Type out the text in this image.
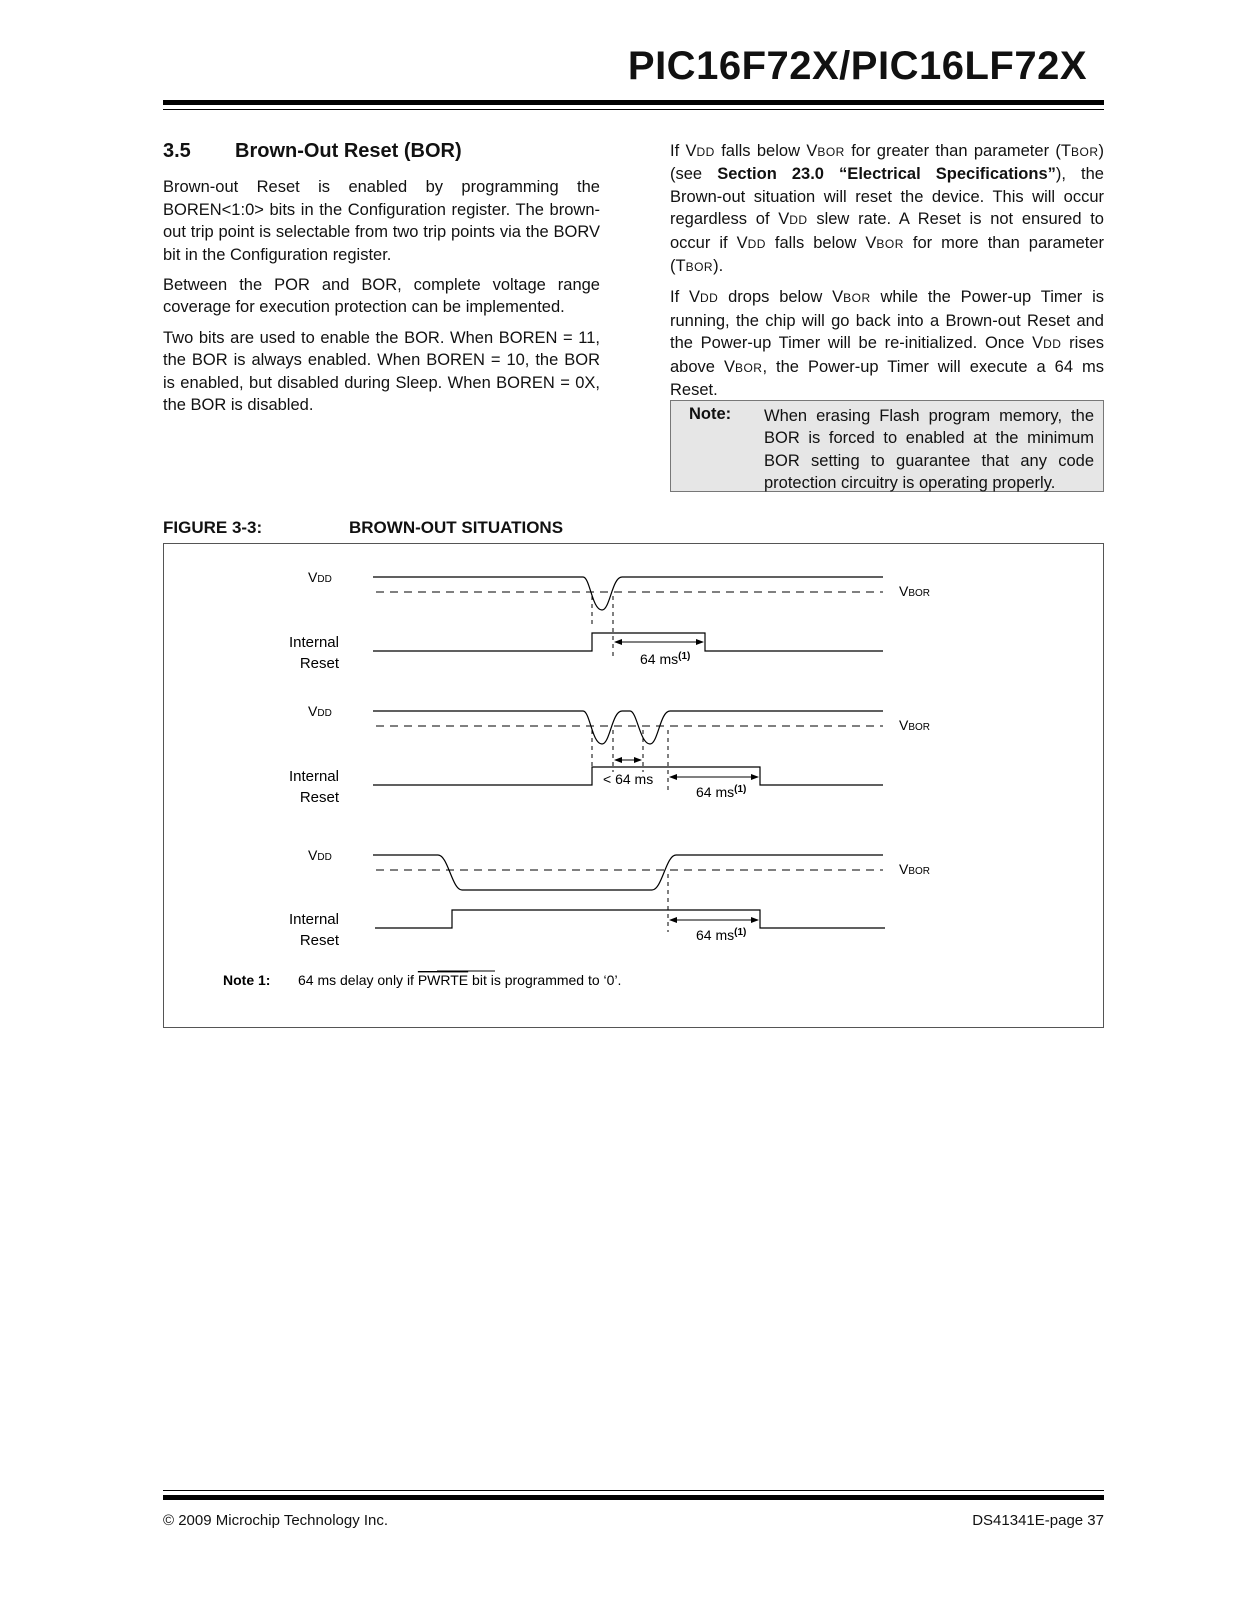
PIC16F72X/PIC16LF72X
3.5 Brown-Out Reset (BOR)

Brown-out Reset is enabled by programming the BOREN<1:0> bits in the Configuration register. The brown-out trip point is selectable from two trip points via the BORV bit in the Configuration register.

Between the POR and BOR, complete voltage range coverage for execution protection can be implemented.

Two bits are used to enable the BOR. When BOREN = 11, the BOR is always enabled. When BOREN = 10, the BOR is enabled, but disabled during Sleep. When BOREN = 0X, the BOR is disabled.

If VDD falls below VBOR for greater than parameter (TBOR) (see Section 23.0 “Electrical Specifications”), the Brown-out situation will reset the device. This will occur regardless of VDD slew rate. A Reset is not ensured to occur if VDD falls below VBOR for more than parameter (TBOR).

If VDD drops below VBOR while the Power-up Timer is running, the chip will go back into a Brown-out Reset and the Power-up Timer will be re-initialized. Once VDD rises above VBOR, the Power-up Timer will execute a 64 ms Reset.

Note: When erasing Flash program memory, the BOR is forced to enabled at the minimum BOR setting to guarantee that any code protection circuitry is operating properly.
FIGURE 3-3:	BROWN-OUT SITUATIONS
VDD
VBOR
Internal
Reset	64 $ms^{(1)}$
VDD
VBOR
Internal
Reset
< 64 ms
64 $ms^{(1)}$
VDD
VBOR
Internal
Reset	64 $ms^{(1)}$
Note 1: 64 ms delay only if PWRTE bit is programmed to ‘0’.
© 2009 Microchip Technology Inc.	DS41341E-page 37
